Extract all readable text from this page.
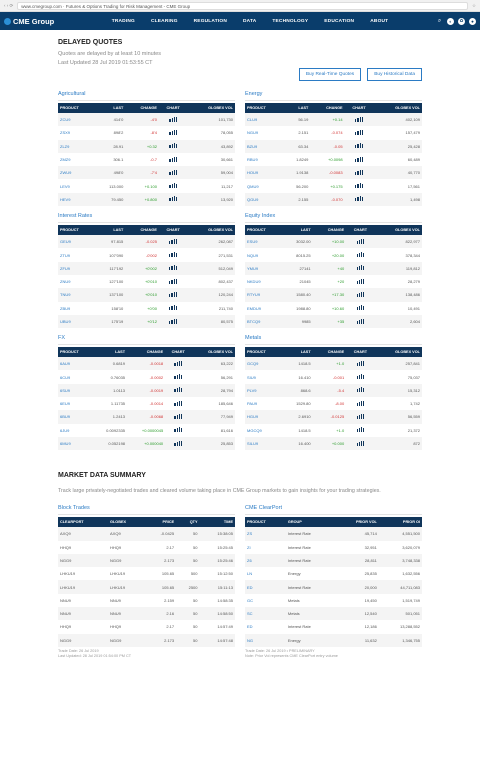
‹ › ⟳	www.cmegroup.com · Futures & Options Trading for Risk Management - CME Group	☆
CME Group	TRADING	CLEARING	REGULATION	DATA	TECHNOLOGY	EDUCATION	ABOUT	⌕	◐	✿	●
DELAYED QUOTES
Quotes are delayed by at least 10 minutes
Last Updated 28 Jul 2019 01:53:55 CT
Buy Real-Time Quotes	Buy Historical Data
Agricultural
PRODUCT	LAST	CHANGE	CHART	GLOBEX VOL
ZCU9	414'0	-4'0		101,730
ZSX9	898'2	-8'4		78,055
ZLZ9	28.91	+0.32		43,892
ZMZ9	306.1	-0.7		30,661
ZWU9	498'0	-7'4		59,004
LEV9	113.000	+0.100		11,217
HEV9	79.450	+0.800		13,920
Energy
PRODUCT	LAST	CHANGE	CHART	GLOBEX VOL
CLU9	56.19	+0.14		402,109
NGU9	2.151	-0.074		157,479
BZU9	63.34	-0.05		25,428
RBU9	1.8249	+0.0098		60,489
HOU9	1.9138	-0.0083		40,770
QMU9	56.200	+0.175		17,561
QGU9	2.155	-0.070		1,498
Interest Rates
PRODUCT	LAST	CHANGE	CHART	GLOBEX VOL
GEU9	97.815	-0.025		262,087
ZTU9	107'090	-0'002		271,531
ZFU9	117'192	+0'002		512,049
ZNU9	127'100	+0'010		802,437
TNU9	137'100	+0'010		120,244
ZBU9	158'10	+0'00		211,740
UBU9	175'19	+0'12		80,575
Equity Index
PRODUCT	LAST	CHANGE	CHART	GLOBEX VOL
ESU9	3032.00	+10.00		822,977
NQU9	8015.25	+20.00		378,344
YMU9	27141	+40		119,812
NKDU9	21045	+20		28,279
RTYU9	1580.40	+17.30		138,486
EMDU9	1988.80	+10.60		10,491
BTCQ9	9985	+35		2,604
FX
PRODUCT	LAST	CHANGE	CHART	GLOBEX VOL
6AU9	0.6819	-0.0018		63,222
6CU9	0.76035	-0.0002		56,291
6SU9	1.0113	-0.0019		28,794
6EU9	1.11735	-0.0014		185,646
6BU9	1.2413	-0.0068		77,949
6JU9	0.0092335	+0.0000045		81,616
6MU9	0.052198	+0.000040		25,853
Metals
PRODUCT	LAST	CHANGE	CHART	GLOBEX VOL
GCQ9	1418.5	+1.0		257,841
SIU9	16.410	-0.001		75,037
PLV9	868.6	-5.4		15,312
PAU9	1529.80	-8.00		1,742
HGU9	2.6910	-0.0125		56,559
MGCQ9	1418.5	+1.0		21,372
SILU9	16.400	+0.000		872
MARKET DATA SUMMARY
Track large privately-negotiated trades and cleared volume taking place in CME Group markets to gain insights for your trading strategies.
Block Trades
CLEARPORT	GLOBEX	PRICE	QTY	TIME
AXQ9	AXQ9	-0.0425	50	15:38:05
HHQ9	HHQ9	2.17	50	15:25:45
NGG9	NGG9	2.173	50	15:25:46
LHKU19	LHKU19	105.65	500	15:12:50
LHKU19	LHKU19	105.65	2500	15:11:13
NNU9	NNU9	2.159	50	14:58:35
NNU9	NNU9	2.16	50	14:58:50
HHQ9	HHQ9	2.17	50	14:57:49
NGG9	NGG9	2.173	50	14:57:48
Trade Date: 26 Jul 2019
Last Updated: 28 Jul 2019 01:54:00 PM CT
CME ClearPort
PRODUCT	GROUP	PRIOR VOL	PRIOR OI
ZS	Interest Rate	45,714	4,551,500
ZI	Interest Rate	32,951	3,620,079
Z6	Interest Rate	28,811	3,748,338
LN	Energy	25,835	1,632,556
ED	Interest Rate	20,000	44,711,083
GC	Metals	19,450	1,519,749
SC	Metals	12,540	501,051
ED	Interest Rate	12,186	13,288,552
NG	Energy	11,632	1,346,755
Trade Date: 26 Jul 2019 • PRELIMINARY
Note: Prior Vol represents CME ClearPort entry volume
